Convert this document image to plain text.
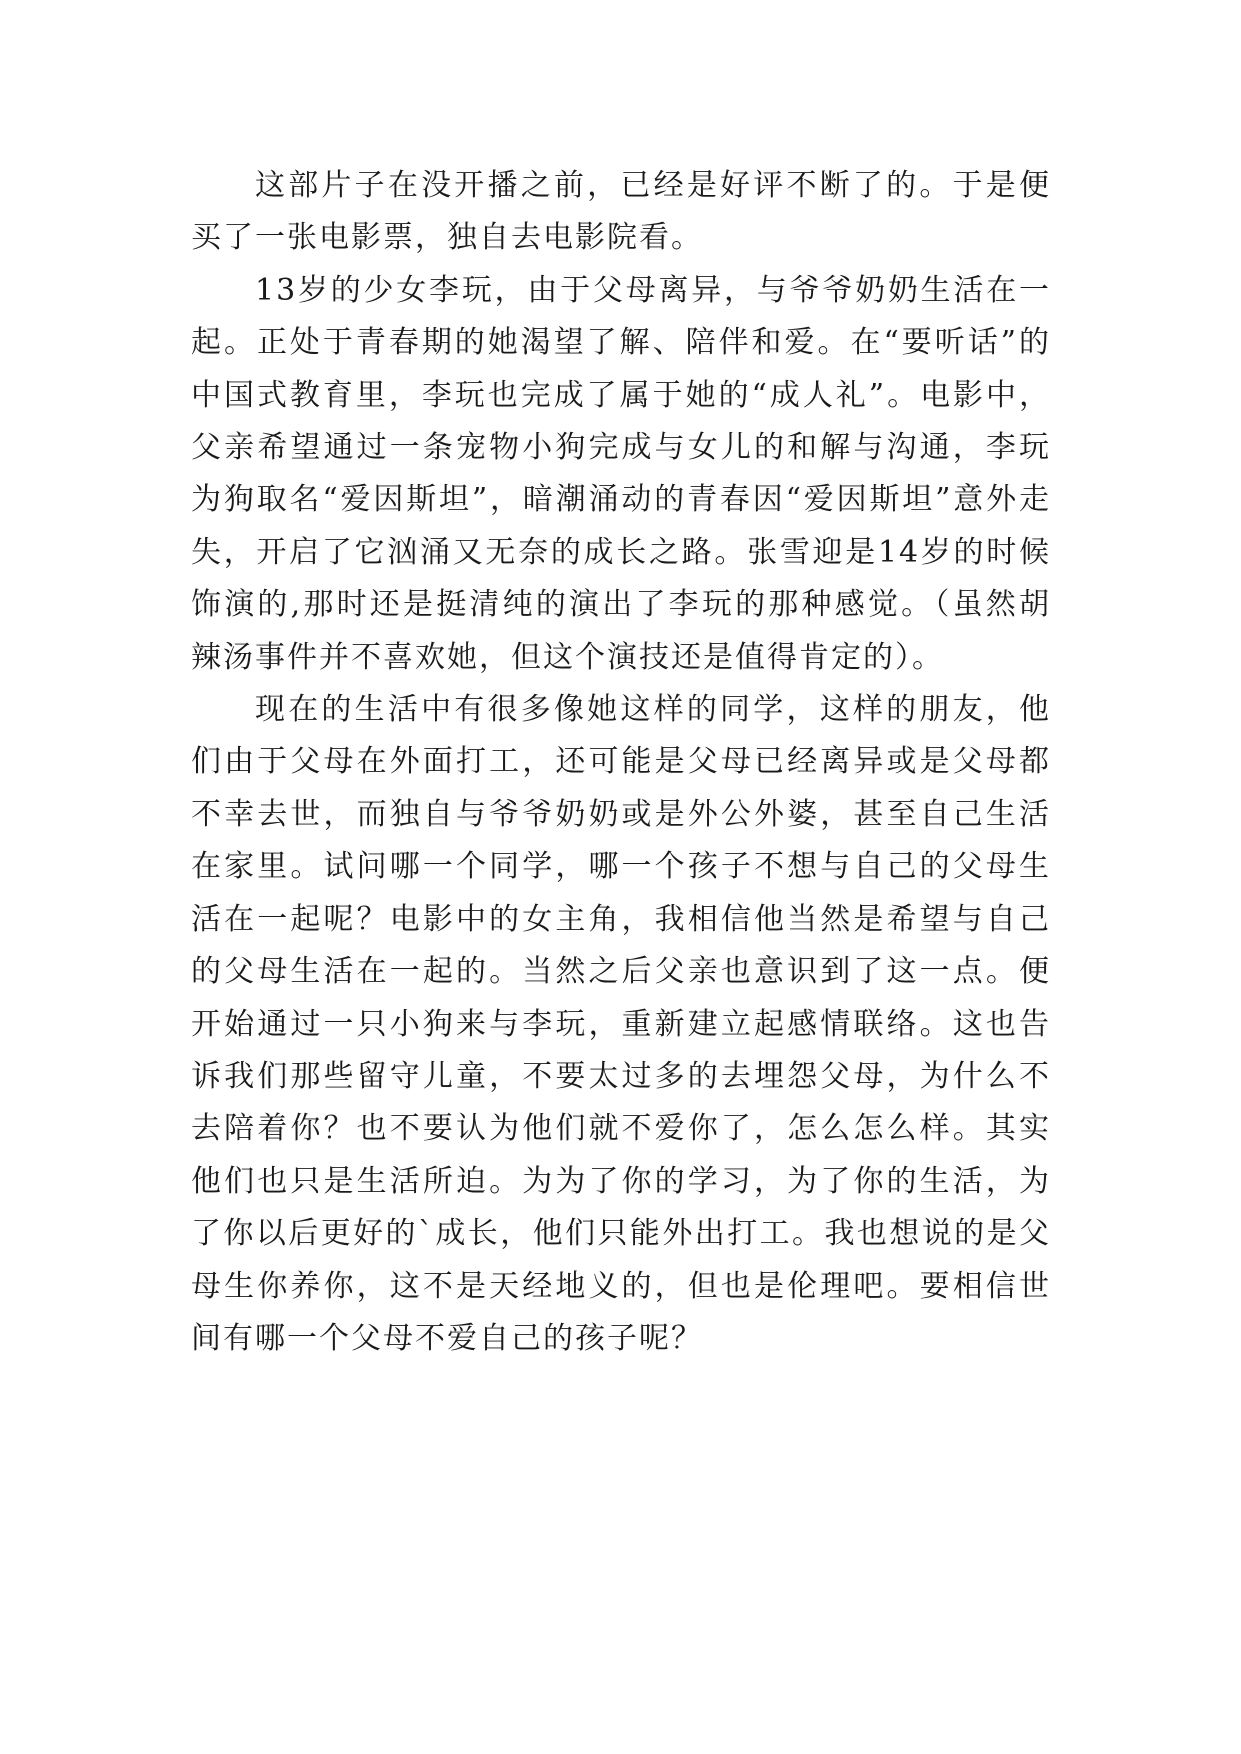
这部片子在没开播之前，已经是好评不断了的。于是便买了一张电影票，独自去电影院看。

13岁的少女李玩，由于父母离异，与爷爷奶奶生活在一起。正处于青春期的她渴望了解、陪伴和爱。在“要听话”的中国式教育里，李玩也完成了属于她的“成人礼”。电影中，父亲希望通过一条宠物小狗完成与女儿的和解与沟通，李玩为狗取名“爱因斯坦”，暗潮涌动的青春因“爱因斯坦”意外走失，开启了它汹涌又无奈的成长之路。张雪迎是14岁的时候饰演的,那时还是挺清纯的演出了李玩的那种感觉。（虽然胡辣汤事件并不喜欢她，但这个演技还是值得肯定的）。

现在的生活中有很多像她这样的同学，这样的朋友，他们由于父母在外面打工，还可能是父母已经离异或是父母都不幸去世，而独自与爷爷奶奶或是外公外婆，甚至自己生活在家里。试问哪一个同学，哪一个孩子不想与自己的父母生活在一起呢？电影中的女主角，我相信他当然是希望与自己的父母生活在一起的。当然之后父亲也意识到了这一点。便开始通过一只小狗来与李玩，重新建立起感情联络。这也告诉我们那些留守儿童，不要太过多的去埋怨父母，为什么不去陪着你？也不要认为他们就不爱你了，怎么怎么样。其实他们也只是生活所迫。为为了你的学习，为了你的生活，为了你以后更好的`成长，他们只能外出打工。我也想说的是父母生你养你，这不是天经地义的，但也是伦理吧。要相信世间有哪一个父母不爱自己的孩子呢？
